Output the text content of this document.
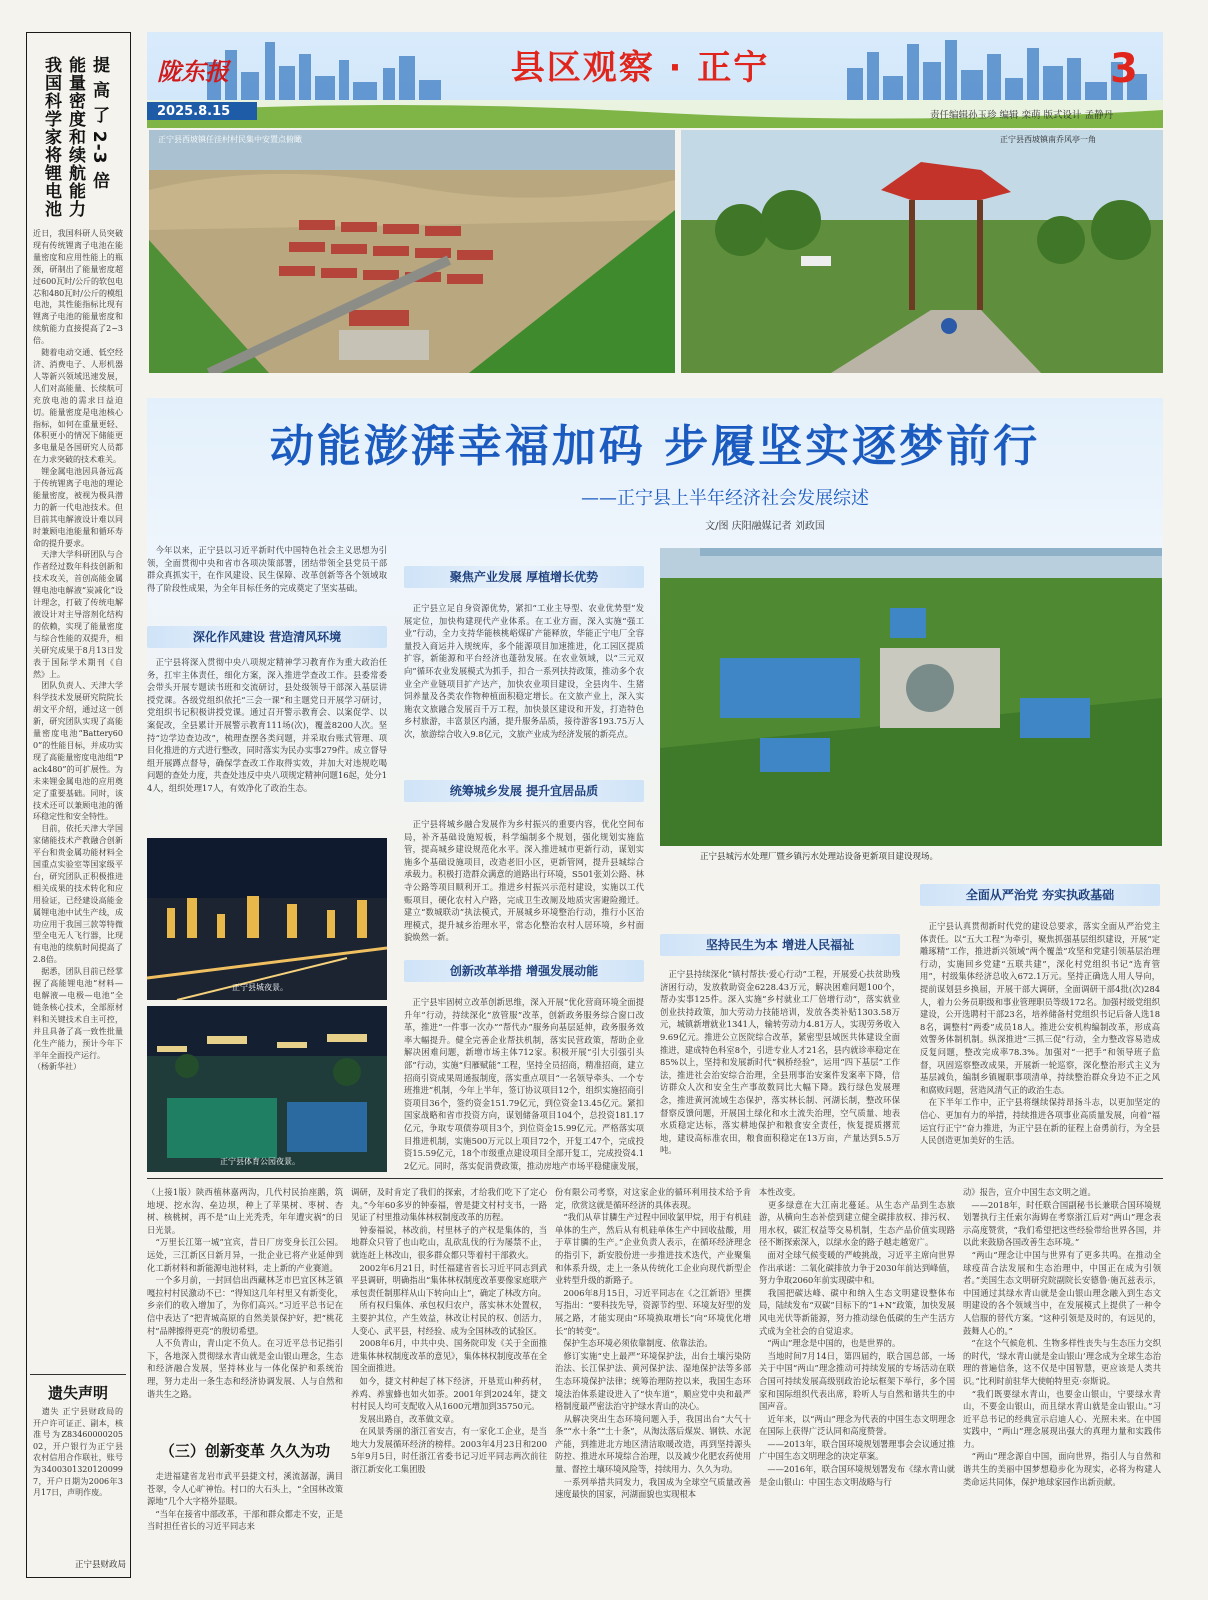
提 高 了 2-3 倍
能量密度和续航能力
我国科学家将锂电池
近日，我国科研人员突破现有传统锂离子电池在能量密度和应用性能上的瓶颈，研制出了能量密度超过600瓦时/公斤的软包电芯和480瓦时/公斤的模组电池，其性能指标比现有锂离子电池的能量密度和续航能力直接提高了2~3倍。
　随着电动交通、低空经济、消费电子、人形机器人等新兴领域迅速发展，人们对高能量、长续航可充放电池的需求日益迫切。能量密度是电池核心指标，如何在重量更轻、体积更小的情况下储能更多电量是各国研究人员都在力求突破的技术难关。
　锂金属电池因具备远高于传统锂离子电池的理论能量密度，被视为极具潜力的新一代电池技术。但目前其电解液设计难以同时兼顾电池能量和循环寿命的提升要求。
　天津大学科研团队与合作者经过数年科技创新和技术攻关，首创高能金属锂电池电解液“炭减化”设计理念，打破了传统电解液设计对主导溶剂化结构的依赖，实现了能量密度与综合性能的双提升，相关研究成果于8月13日发表于国际学术期刊《自然》上。
　团队负责人、天津大学科学技术发展研究院院长胡文平介绍，通过这一创新，研究团队实现了高能量密度电池“Battery600”的性能目标，并成功实现了高能量密度电池组“Pack480”的可扩展性。为未来锂金属电池的应用奠定了重要基础。同时，该技术还可以兼顾电池的循环稳定性和安全特性。
　目前，依托天津大学国家储能技术产教融合创新平台和贵金属功能材料全国重点实验室等国家级平台，研究团队正积极推进相关成果的技术转化和应用验证，已经建设高能金属锂电池中试生产线，成功应用于我国三款等特微型全电无人飞行器，比现有电池的续航时间提高了2.8倍。
　据悉，团队目前已经掌握了高能锂电池“材料—电解液—电极—电池”全链条核心技术，全部原材料和关键技术自主可控，并且具备了高一致性批量化生产能力，预计今年下半年全面投产运行。
（杨新华社）
遗失声明
　遗失 正宁县财政局的开户许可证正、副本，核准号为Z8346000020502，开户银行为正宁县农村信用合作联社，账号为34003013201200997，开户日期为2006年3月17日，声明作废。
正宁县财政局
陇东报	县区观察 · 正宁	3
2025.8.15	责任编辑孙玉珍 编辑 栾萌 版式设计 孟静丹
正宁县西坡镇任洼村村民集中安置点俯瞰	正宁县西坡镇南乔风亭一角
动能澎湃幸福加码 步履坚实逐梦前行
——正宁县上半年经济社会发展综述
文/图 庆阳融媒记者 刘政国
　今年以来，正宁县以习近平新时代中国特色社会主义思想为引领，全面贯彻中央和省市各项决策部署，团结带领全县党员干部群众真抓实干，在作风建设、民生保障、改革创新等各个领域取得了阶段性成果，为全年目标任务的完成奠定了坚实基础。
深化作风建设 营造清风环境
　正宁县将深入贯彻中央八项规定精神学习教育作为重大政治任务，扛牢主体责任，细化方案，深入推进学查改工作。县委常委会带头开展专题读书班和交流研讨，县处级领导干部深入基层讲授党课。各级党组织依托“三会一课”和主题党日开展学习研讨，党组织书记积极讲授党课。通过召开警示教育会、以案促学、以案促改，全县累计开展警示教育111场(次)，覆盖8200人次。坚持“边学边查边改”，梳理查摆各类问题，并采取台账式管理、项目化推进的方式进行整改，同时落实为民办实事279件。成立督导组开展蹲点督导，确保学查改工作取得实效，并加大对违规吃喝问题的查处力度，共查处违反中央八项规定精神问题16起，处分14人，组织处理17人，有效净化了政治生态。
正宁县城夜景。
正宁县体育公园夜景。
聚焦产业发展 厚植增长优势
　正宁县立足自身资源优势，紧扣“工业主导型、农业优势型”发展定位，加快构建现代产业体系。在工业方面，深入实施“强工业”行动，全力支持华能核桃峪煤矿产能释放，华能正宁电厂全容量投入商运并入规统库，多个能源项目加速推进，化工园区提质扩容，新能源和平台经济也蓬勃发展。在农业领域，以“三元双向”循环农业发展模式为抓手，扣合一系列扶持政策，推动多个农业全产业链项目扩产达产，加快农业项目建设，全县肉牛、生猪饲养量及各类农作物种植面积稳定增长。在文旅产业上，深入实施农文旅融合发展百千万工程，加快景区建设和开发，打造特色乡村旅游，丰富景区内涵，提升服务品质，接待游客193.75万人次，旅游综合收入9.8亿元，文旅产业成为经济发展的新亮点。
统筹城乡发展 提升宜居品质
　正宁县将城乡融合发展作为乡村振兴的重要内容，优化空间布局，补齐基础设施短板，科学编制多个规划，强化规划实施监管，提高城乡建设规范化水平。深入推进城市更新行动，谋划实施多个基础设施项目，改造老旧小区，更新管网，提升县城综合承载力。积极打造群众满意的道路出行环境，S501张刘公路、林寺公路等项目顺利开工。推进乡村振兴示范村建设，实施以工代赈项目，硬化农村入户路，完成卫生改厕及地质灾害避险搬迁。建立“数城联动”执法模式，开展城乡环境整治行动，推行小区治理模式，提升城乡治理水平，常态化整治农村人居环境，乡村面貌焕然一新。
创新改革举措 增强发展动能
　正宁县牢固树立改革创新思维，深入开展“优化营商环境全面提升年”行动，持续深化“放管服”改革，创新政务服务综合窗口改革，推进“一件事一次办”“帮代办”服务向基层延伸，政务服务效率大幅提升。健全完善企业帮扶机制，落实民营政策，帮助企业解决困难问题，新增市场主体712家。积极开展“引大引强引头部”行动，实施“归雁赋能”工程，坚持全员招商，精准招商，建立招商引资成果周通报制度，落实重点项目“一名领导牵头、一个专班推进”机制，今年上半年，签订协议项目12个，组织实施招商引资项目36个，签约资金151.79亿元，到位资金13.45亿元。紧扣国家战略和省市投资方向，谋划储备项目104个，总投资181.17亿元，争取专项债券项目3个，到位资金15.99亿元。严格落实项目推进机制，实施500万元以上项目72个，开复工47个，完成投资15.59亿元，18个市级重点建设项目全部开复工，完成投资4.12亿元。同时，落实促消费政策，推动房地产市场平稳健康发展，
正宁县城污水处理厂暨乡镇污水处理站设备更新项目建设现场。
坚持民生为本 增进人民福祉
　正宁县持续深化“镇村帮扶·爱心行动”工程，开展爱心扶贫助残济困行动，发放救助资金6228.43万元，解决困难问题100个，帮办实事125件。深入实施“乡村就业工厂倍增行动”，落实就业创业扶持政策，加大劳动力技能培训，发放各类补贴1303.58万元，城镇新增就业1341人，输转劳动力4.81万人，实现劳务收入9.69亿元。推进公立医院综合改革，紧密型县域医共体建设全面推进，建成特色科室8个，引进专业人才21名，县内就诊率稳定在85%以上，坚持和发展新时代“枫桥经验”，运用“四下基层”工作法，推进社会治安综合治理，全县刑事治安案件发案率下降，信访群众人次和安全生产事故数同比大幅下降。践行绿色发展理念，推进黄河流域生态保护，落实林长制、河湖长制，整改环保督察反馈问题，开展国土绿化和水土流失治理，空气质量、地表水质稳定达标，落实耕地保护和粮食安全责任，恢复提质撂荒地，建设高标准农田，粮食面积稳定在13万亩，产量达到5.5万吨。
全面从严治党 夯实执政基础
　正宁县认真贯彻新时代党的建设总要求，落实全面从严治党主体责任。以“五大工程”为牵引，聚焦抓强基层组织建设，开展“定雕琢精”工作，推进新兴领域“两个覆盖”攻坚和党建引领基层治理行动，实施回乡党建“五联共建”，深化村党组织书记“选育管用”，村级集体经济总收入672.1万元。坚持正确选人用人导向，提前谋划县乡换届，开展干部大调研，全面调研干部4批(次)284人，着力公务员职级和事业管理职员等级172名。加强村级党组织建设，公开选聘村干部23名，培养储备村党组织书记后备人选188名，调整村“两委”成员18人。推进公安机构编制改革，形成高效警务体制机制。纵深推进“三抓三促”行动，全力整改容易造成反复问题，整改完成率78.3%。加强对“一把手”和领导班子监督，巩固巡察整改成果，开展新一轮巡察，深化整治形式主义为基层减负，编制乡镇履职事项清单，持续整治群众身边不正之风和腐败问题，营造风清气正的政治生态。
　在下半年工作中，正宁县将继续保持昂扬斗志，以更加坚定的信心、更加有力的举措，持续推进各项事业高质量发展，向着“福运宜行正宁”奋力推进，为正宁县在新的征程上奋勇前行，为全县人民创造更加美好的生活。
（上接1版）陕西植林嘉两沟，几代村民抬座鹅，筑地埂、挖水沟、垒边坝，种上了苹果树、枣树、杏树、核桃树，再不是“山上光秃秃，年年遭灾祸”的日日光景。
　“万里长江第一城”宜宾，昔日厂房变身长江公园。远处，三江新区日新月异，一批企业已将产业延伸到化工新材料和新能源电池材料，走上新的产业赛道。
　一个多月前，一封回信出西藏林芝市巴宜区林芝镇嘎拉村村民激动不已：“得知这几年村里又有新变化，乡亲们的收入增加了，为你们高兴。”习近平总书记在信中表达了“把青城高原的自然美景保护好，把“桃花村”品牌擦得更亮”的殷切希望。
　人不负青山，青山定不负人。在习近平总书记指引下，各地深入贯彻绿水青山就是金山银山理念，生态和经济融合发展，坚持林业与一体化保护和系统治理，努力走出一条生态和经济协调发展、人与自然和谐共生之路。
（三）创新变革 久久为功
　走进福建省龙岩市武平县捷文村，溪流潺潺，满目苍翠，令人心旷神怡。村口的大石头上，“全国林改策源地”几个大字格外显眼。
　“当年在接省中部改革，干部和群众都走不安，正是当时担任省长的习近平同志来
调研，及时肯定了我们的探索，才给我们吃下了定心丸。”今年60多岁的钟泰福，曾是捷文村村支书，一路见证了村里推动集体林权制度改革的历程。
　钟泰福说，林改前，村里林子的产权是集体的，当地群众只管了也山吃山，乱砍乱伐的行为屡禁不止，就连赶上林改山，很多群众都只等着村干部救火。
　2002年6月21日，时任福建省省长习近平同志到武平县调研，明确指出“集体林权制度改革要像家庭联产承包责任制那样从山下转向山上”，确定了林改方向。
　所有权归集体、承包权归农户，落实林木处置权，主要护其位，产生效益，林改让村民的权、创活力，人变心、武平县，村经验、成为全国林改的试验区。
　2008年6月，中共中央、国务院印发《关于全面推进集体林权制度改革的意见》，集体林权制度改革在全国全面推进。
　如今，捷文村种起了林下经济，开垦荒山种药材，养鸡、养蜜蜂也如火如荼。2001年到2024年，捷文村村民人均可支配收入从1600元增加到35750元。
　发展出路自，改革做文章。
　在风景秀丽的浙江省安吉，有一家化工企业，是当地大力发展循环经济的榜样。2003年4月23日和2005年9月5日，时任浙江省委书记习近平同志两次前往浙江新安化工集团股
份有限公司考察，对这家企业的循环利用技术给予肯定，欣赏这就是循环经济的具体表现。
　“我们从草甘膦生产过程中回收氯甲烷，用于有机硅单体的生产，然后从有机硅单体生产中回收盐酸，用于草甘膦的生产。”企业负责人表示，在循环经济理念的指引下，新安股份进一步推进技术迭代，产业聚集和体系升级，走上一条从传统化工企业向现代新型企业转型升级的新路子。
　2006年8月15日，习近平同志在《之江新语》里撰写指出：“要科技先导，资源节约型、环境友好型的发展之路，才能实现由“环境换取增长”向“环境优化增长”的转变”。
　保护生态环境必须依靠制度、依靠法治。
　修订实施“史上最严”环境保护法，出台土壤污染防治法、长江保护法、黄河保护法、湿地保护法等多部生态环境保护法律；统筹治理防控以来，我国生态环境法治体系建设进入了“快车道”，顺应党中央和最严格制度最严密法治守护绿水青山的决心。
　从解决突出生态环境问题入手，我国出台“大气十条”“水十条”“土十条”，从淘汰落后煤炭、钢铁、水泥产能，到推进北方地区清洁取暖改造，再到坚持源头防控、推进水环境综合治理，以及减少化肥农药使用量、督控土壤环境风险等，持续用力、久久为功。
　一系列举措共同发力，我国成为全球空气质量改善速度最快的国家，河湖面貌也实现根本
本性改变。
　更多绿意在大江南北蔓延。从生态产品到生态旅游，从横向生态补偿到建立健全碳排放权、排污权、用水权，碳汇权益等交易机制，生态产品价值实现路径不断探索深入，以绿水金的路子越走越宽广。
　面对全球气候变暖的严峻挑战，习近平主席向世界作出承诺：二氧化碳排放力争于2030年前达到峰值，努力争取2060年前实现碳中和。
　我国把碳达峰、碳中和纳入生态文明建设整体布局，陆续发布“双碳”目标下的“1+N”政策，加快发展风电光伏等新能源，努力推动绿色低碳的生产生活方式成为全社会的自觉追求。
　“两山”理念是中国的，也是世界的。
　当地时间7月14日，第四届约，联合国总部，一场关于中国“两山”理念推动可持续发展的专场活动在联合国可持续发展高级别政治论坛框架下举行，多个国家和国际组织代表出席，聆听人与自然和谐共生的中国声音。
　近年来，以“两山”理念为代表的中国生态文明理念在国际上获得广泛认同和高度赞誉。
　——2013年，联合国环境规划署理事会会议通过推广中国生态文明理念的决定草案。
　——2016年，联合国环境规划署发布《绿水青山就是金山银山：中国生态文明战略与行
动》报告，宣介中国生态文明之道。
　——2018年，时任联合国副秘书长兼联合国环境规划署执行主任索尔海姆在考察浙江后对“两山”理念表示高度赞赏，“我们希望把这些经验带给世界各国，并以此来鼓励各国改善生态环境。”
　“两山”理念让中国与世界有了更多共鸣。在推动全球疫苗合法发展和生态治理中，中国正在成为引领者。”美国生态文明研究院副院长安德鲁·施瓦兹表示，中国通过其绿水青山就是金山银山理念融入到生态文明建设的各个领域当中，在发展模式上提供了一种令人信服的替代方案。“这种引领是及时的，有远见的，鼓舞人心的。”
　“在这个气候危机、生物多样性丧失与生态压力交织的时代，‘绿水青山就是金山银山’理念成为全球生态治理的普遍信条，这不仅是中国智慧，更应该是人类共识。”比利时前驻华大使帕特里克·奈斯说。
　“我们既要绿水青山，也要金山银山，宁要绿水青山，不要金山银山，而且绿水青山就是金山银山。”习近平总书记的经典宣示启迪人心、光照未来。在中国实践中，“两山”理念展现出强大的真理力量和实践伟力。
　“两山”理念源自中国，面向世界，指引人与自然和谐共生的美丽中国梦想稳步化为现实，必将为构建人类命运共同体，保护地球家园作出新贡献。
